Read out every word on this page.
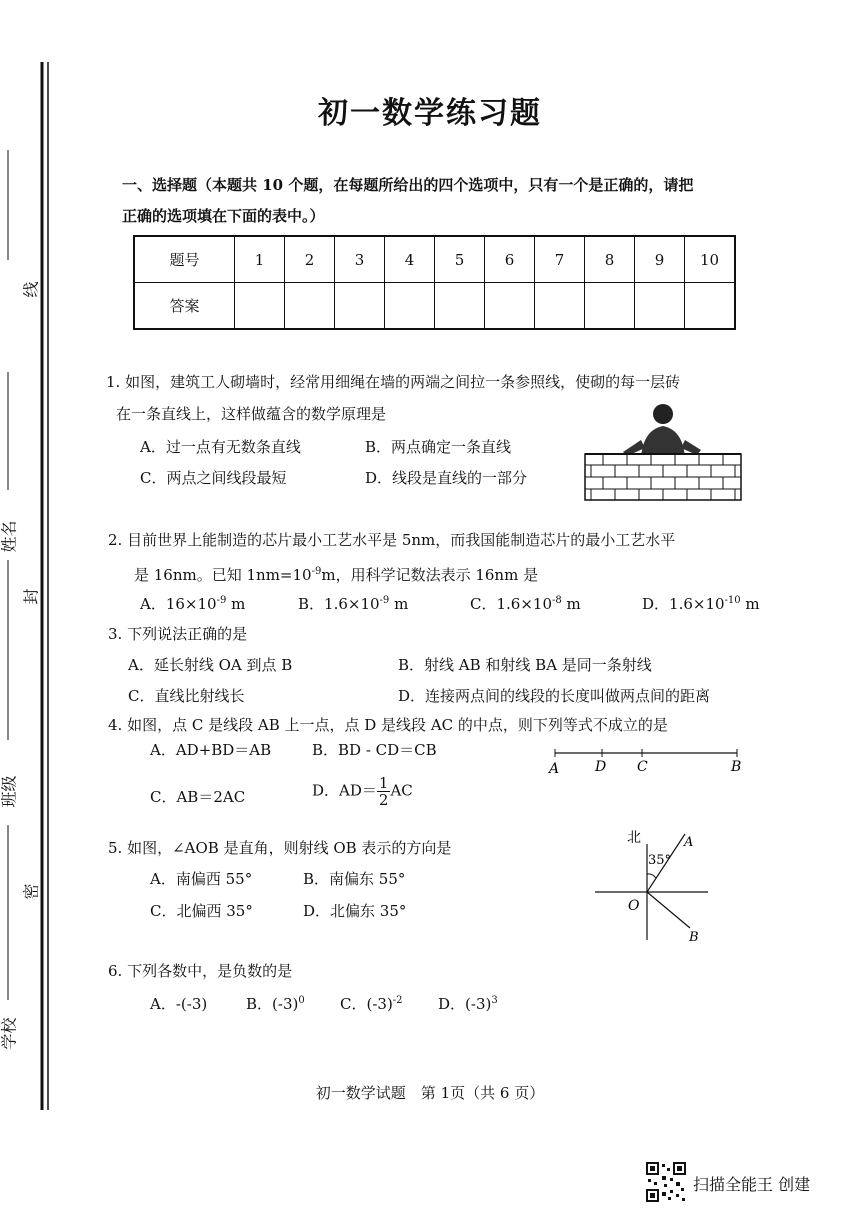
线
封
密
学校
班级
姓名
初一数学练习题
一、选择题（本题共 10 个题，在每题所给出的四个选项中，只有一个是正确的，请把
正确的选项填在下面的表中。）
题号	1	2	3	4	5	6	7	8	9	10
答案										
1. 如图，建筑工人砌墙时，经常用细绳在墙的两端之间拉一条参照线，使砌的每一层砖
在一条直线上，这样做蕴含的数学原理是
A．过一点有无数条直线	B．两点确定一条直线
C．两点之间线段最短	D．线段是直线的一部分
2. 目前世界上能制造的芯片最小工艺水平是 5nm，而我国能制造芯片的最小工艺水平
是 16nm。已知 $1nm=10^{-9}m$，用科学记数法表示 16nm 是
A．$16\times 10^{-9}$ m	B．$1.6\times 10^{-9}$ m	C．$1.6\times 10^{-8}$ m	D．$1.6\times 10^{-10}$ m
3. 下列说法正确的是
A．延长射线 OA 到点 B	B．射线 AB 和射线 BA 是同一条射线
C．直线比射线长	D．连接两点间的线段的长度叫做两点间的距离
4. 如图，点 C 是线段 AB 上一点，点 D 是线段 AC 的中点，则下列等式不成立的是
A．AD+BD＝AB	B．BD - CD＝CB
C．AB＝2AC	D．$AD= \frac{1}{2}$ AC
A	D C	B
5. 如图，∠AOB 是直角，则射线 OB 表示的方向是
A．南偏西 55°	B．南偏东 55°
C．北偏西 35°	D．北偏东 35°
北
35°
A
O
B
6. 下列各数中，是负数的是
A．-(-3)	B．$(-3)^0$ C．$(-3)^{-2}$ D．$(-3)^3$
初一数学试题　第 1页（共 6 页）
扫描全能王 创建
